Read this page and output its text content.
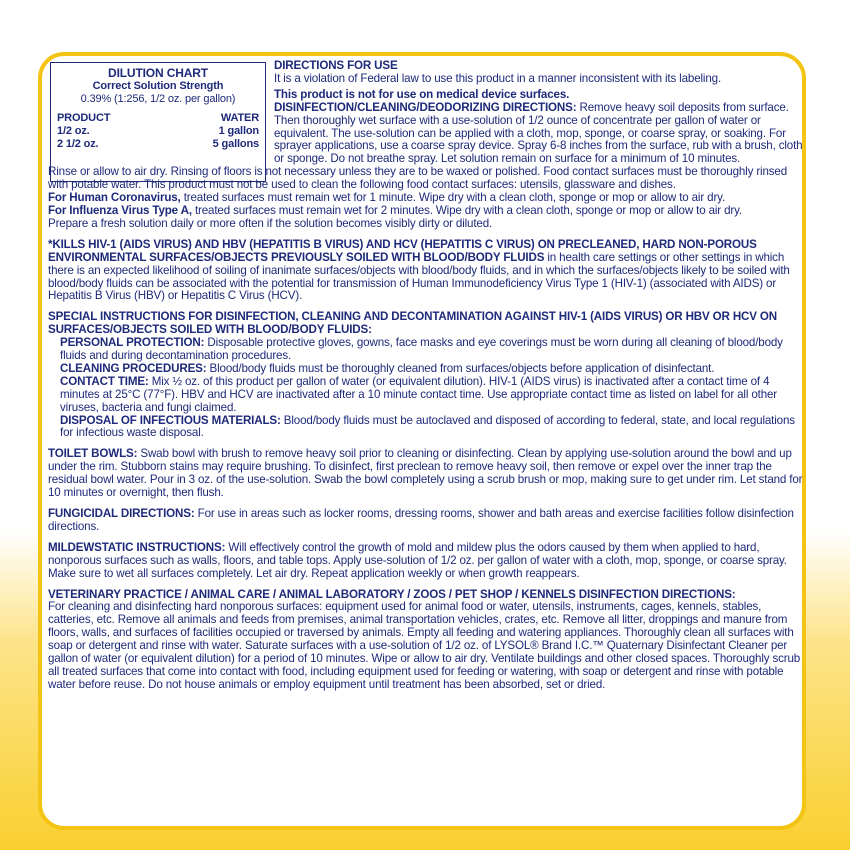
DILUTION CHART
Correct Solution Strength
0.39% (1:256, 1/2 oz. per gallon)
PRODUCT	WATER
1/2 oz.	1 gallon
2 1/2 oz.	5 gallons

DIRECTIONS FOR USE

It is a violation of Federal law to use this product in a manner inconsistent with its labeling.

This product is not for use on medical device surfaces.

DISINFECTION/CLEANING/DEODORIZING DIRECTIONS: Remove heavy soil deposits from surface. Then thoroughly wet surface with a use-solution of 1/2 ounce of concentrate per gallon of water or equivalent. The use-solution can be applied with a cloth, mop, sponge, or coarse spray, or soaking. For sprayer applications, use a coarse spray device. Spray 6-8 inches from the surface, rub with a brush, cloth or sponge. Do not breathe spray. Let solution remain on surface for a minimum of 10 minutes.

Rinse or allow to air dry. Rinsing of floors is not necessary unless they are to be waxed or polished. Food contact surfaces must be thoroughly rinsed with potable water. This product must not be used to clean the following food contact surfaces: utensils, glassware and dishes.

For Human Coronavirus, treated surfaces must remain wet for 1 minute. Wipe dry with a clean cloth, sponge or mop or allow to air dry.

For Influenza Virus Type A, treated surfaces must remain wet for 2 minutes. Wipe dry with a clean cloth, sponge or mop or allow to air dry.

Prepare a fresh solution daily or more often if the solution becomes visibly dirty or diluted.

*KILLS HIV-1 (AIDS VIRUS) AND HBV (HEPATITIS B VIRUS) AND HCV (HEPATITIS C VIRUS) ON PRECLEANED, HARD NON-POROUS ENVIRONMENTAL SURFACES/OBJECTS PREVIOUSLY SOILED WITH BLOOD/BODY FLUIDS in health care settings or other settings in which there is an expected likelihood of soiling of inanimate surfaces/objects with blood/body fluids, and in which the surfaces/objects likely to be soiled with blood/body fluids can be associated with the potential for transmission of Human Immunodeficiency Virus Type 1 (HIV-1) (associated with AIDS) or Hepatitis B Virus (HBV) or Hepatitis C Virus (HCV).

SPECIAL INSTRUCTIONS FOR DISINFECTION, CLEANING AND DECONTAMINATION AGAINST HIV-1 (AIDS VIRUS) OR HBV OR HCV ON SURFACES/OBJECTS SOILED WITH BLOOD/BODY FLUIDS:

PERSONAL PROTECTION: Disposable protective gloves, gowns, face masks and eye coverings must be worn during all cleaning of blood/body fluids and during decontamination procedures.

CLEANING PROCEDURES: Blood/body fluids must be thoroughly cleaned from surfaces/objects before application of disinfectant.

CONTACT TIME: Mix ½ oz. of this product per gallon of water (or equivalent dilution). HIV-1 (AIDS virus) is inactivated after a contact time of 4 minutes at 25°C (77°F). HBV and HCV are inactivated after a 10 minute contact time. Use appropriate contact time as listed on label for all other viruses, bacteria and fungi claimed.

DISPOSAL OF INFECTIOUS MATERIALS: Blood/body fluids must be autoclaved and disposed of according to federal, state, and local regulations for infectious waste disposal.

TOILET BOWLS: Swab bowl with brush to remove heavy soil prior to cleaning or disinfecting. Clean by applying use-solution around the bowl and up under the rim. Stubborn stains may require brushing. To disinfect, first preclean to remove heavy soil, then remove or expel over the inner trap the residual bowl water. Pour in 3 oz. of the use-solution. Swab the bowl completely using a scrub brush or mop, making sure to get under rim. Let stand for 10 minutes or overnight, then flush.

FUNGICIDAL DIRECTIONS: For use in areas such as locker rooms, dressing rooms, shower and bath areas and exercise facilities follow disinfection directions.

MILDEWSTATIC INSTRUCTIONS: Will effectively control the growth of mold and mildew plus the odors caused by them when applied to hard, nonporous surfaces such as walls, floors, and table tops. Apply use-solution of 1/2 oz. per gallon of water with a cloth, mop, sponge, or coarse spray. Make sure to wet all surfaces completely. Let air dry. Repeat application weekly or when growth reappears.

VETERINARY PRACTICE / ANIMAL CARE / ANIMAL LABORATORY / ZOOS / PET SHOP / KENNELS DISINFECTION DIRECTIONS:

For cleaning and disinfecting hard nonporous surfaces: equipment used for animal food or water, utensils, instruments, cages, kennels, stables, catteries, etc. Remove all animals and feeds from premises, animal transportation vehicles, crates, etc. Remove all litter, droppings and manure from floors, walls, and surfaces of facilities occupied or traversed by animals. Empty all feeding and watering appliances. Thoroughly clean all surfaces with soap or detergent and rinse with water. Saturate surfaces with a use-solution of 1/2 oz. of LYSOL® Brand I.C.™ Quaternary Disinfectant Cleaner per gallon of water (or equivalent dilution) for a period of 10 minutes. Wipe or allow to air dry. Ventilate buildings and other closed spaces. Thoroughly scrub all treated surfaces that come into contact with food, including equipment used for feeding or watering, with soap or detergent and rinse with potable water before reuse. Do not house animals or employ equipment until treatment has been absorbed, set or dried.
